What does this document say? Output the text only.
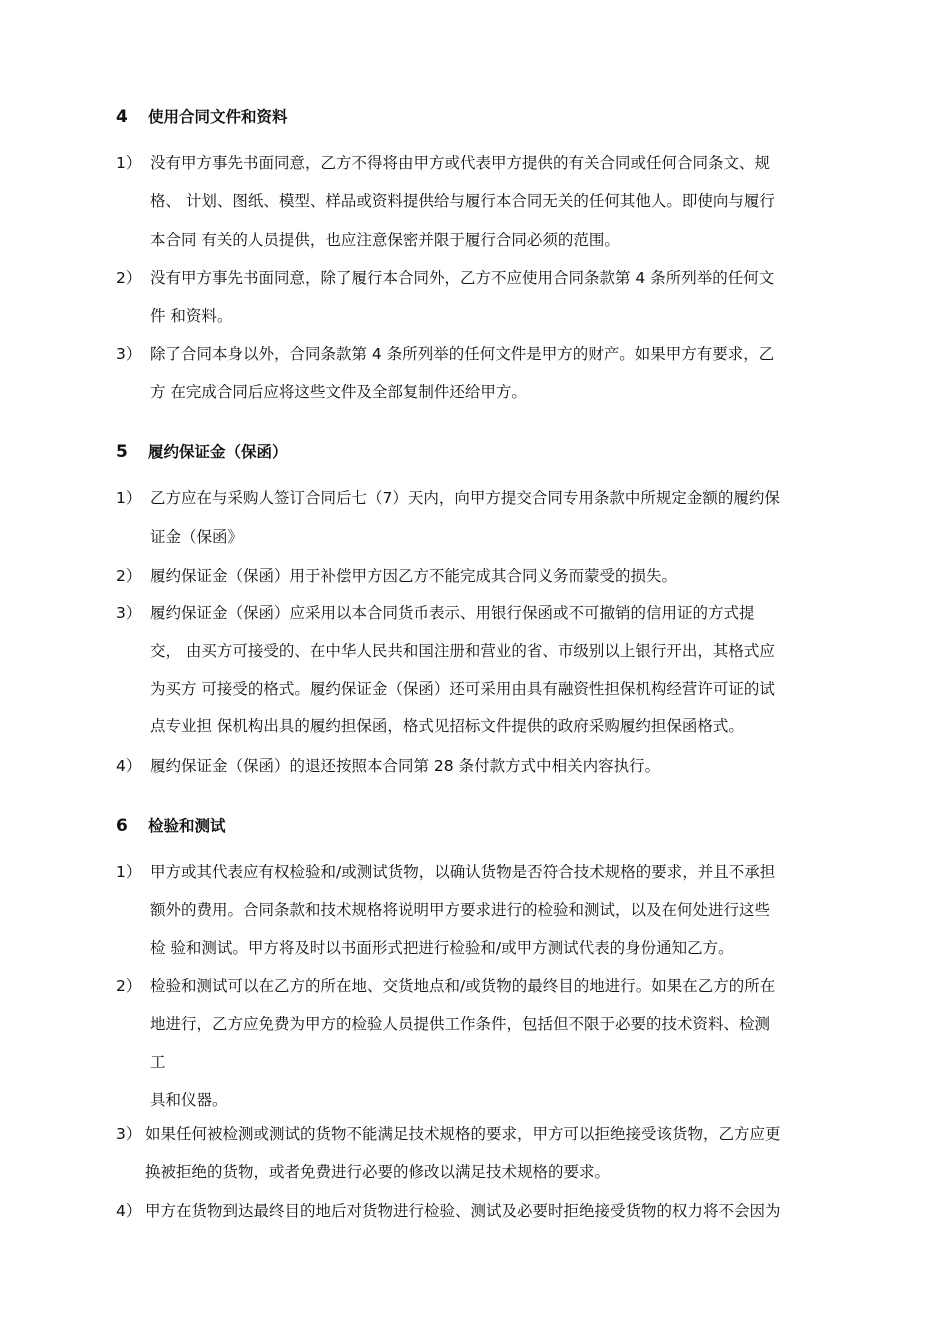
4 使用合同文件和资料
1） 没有甲方事先书面同意，乙方不得将由甲方或代表甲方提供的有关合同或任何合同条文、规
格、 计划、图纸、模型、样品或资料提供给与履行本合同无关的任何其他人。即使向与履行
本合同 有关的人员提供，也应注意保密并限于履行合同必须的范围。
2） 没有甲方事先书面同意，除了履行本合同外，乙方不应使用合同条款第 4 条所列举的任何文
件 和资料。
3） 除了合同本身以外，合同条款第 4 条所列举的任何文件是甲方的财产。如果甲方有要求，乙
方 在完成合同后应将这些文件及全部复制件还给甲方。
5 履约保证金（保函）
1） 乙方应在与采购人签订合同后七（7）天内，向甲方提交合同专用条款中所规定金额的履约保
证金（保函》
2） 履约保证金（保函）用于补偿甲方因乙方不能完成其合同义务而蒙受的损失。
3） 履约保证金（保函）应采用以本合同货币表示、用银行保函或不可撤销的信用证的方式提
交， 由买方可接受的、在中华人民共和国注册和营业的省、市级别以上银行开出，其格式应
为买方 可接受的格式。履约保证金（保函）还可采用由具有融资性担保机构经营许可证的试
点专业担 保机构出具的履约担保函，格式见招标文件提供的政府采购履约担保函格式。
4） 履约保证金（保函）的退还按照本合同第 28 条付款方式中相关内容执行。
6 检验和测试
1） 甲方或其代表应有权检验和/或测试货物，以确认货物是否符合技术规格的要求，并且不承担
额外的费用。合同条款和技术规格将说明甲方要求进行的检验和测试，以及在何处进行这些
检 验和测试。甲方将及时以书面形式把进行检验和/或甲方测试代表的身份通知乙方。
2） 检验和测试可以在乙方的所在地、交货地点和/或货物的最终目的地进行。如果在乙方的所在
地进行，乙方应免费为甲方的检验人员提供工作条件，包括但不限于必要的技术资料、检测
工
具和仪器。
3） 如果任何被检测或测试的货物不能满足技术规格的要求，甲方可以拒绝接受该货物，乙方应更
换被拒绝的货物，或者免费进行必要的修改以满足技术规格的要求。
4） 甲方在货物到达最终目的地后对货物进行检验、测试及必要时拒绝接受货物的权力将不会因为
